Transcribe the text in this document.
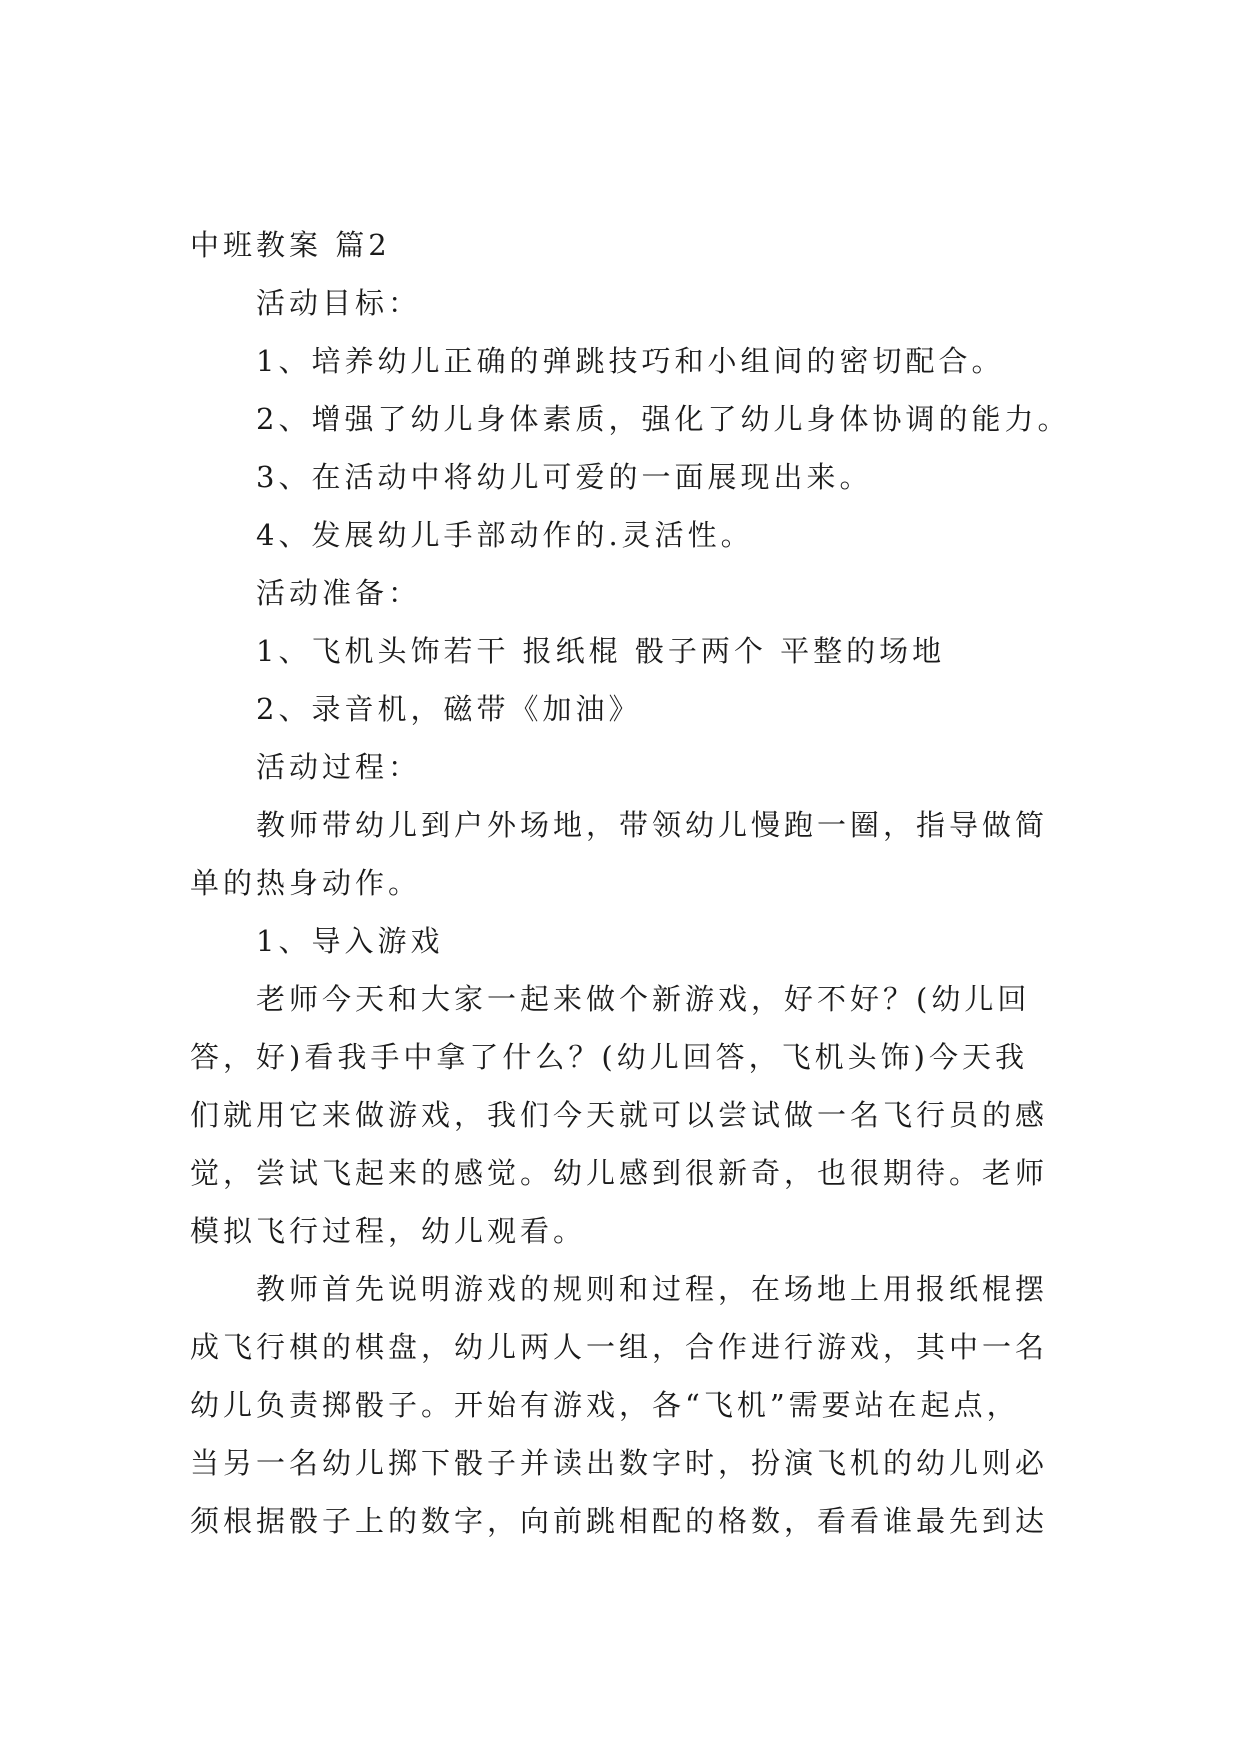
中班教案 篇2

活动目标：

1、培养幼儿正确的弹跳技巧和小组间的密切配合。

2、增强了幼儿身体素质，强化了幼儿身体协调的能力。

3、在活动中将幼儿可爱的一面展现出来。

4、发展幼儿手部动作的.灵活性。

活动准备：

1、飞机头饰若干 报纸棍 骰子两个 平整的场地

2、录音机，磁带《加油》

活动过程：

教师带幼儿到户外场地，带领幼儿慢跑一圈，指导做简
单的热身动作。

1、导入游戏

老师今天和大家一起来做个新游戏，好不好？(幼儿回
答，好)看我手中拿了什么？(幼儿回答，飞机头饰)今天我
们就用它来做游戏，我们今天就可以尝试做一名飞行员的感
觉，尝试飞起来的感觉。幼儿感到很新奇，也很期待。老师
模拟飞行过程，幼儿观看。

教师首先说明游戏的规则和过程，在场地上用报纸棍摆
成飞行棋的棋盘，幼儿两人一组，合作进行游戏，其中一名
幼儿负责掷骰子。开始有游戏，各“飞机”需要站在起点，
当另一名幼儿掷下骰子并读出数字时，扮演飞机的幼儿则必
须根据骰子上的数字，向前跳相配的格数，看看谁最先到达
